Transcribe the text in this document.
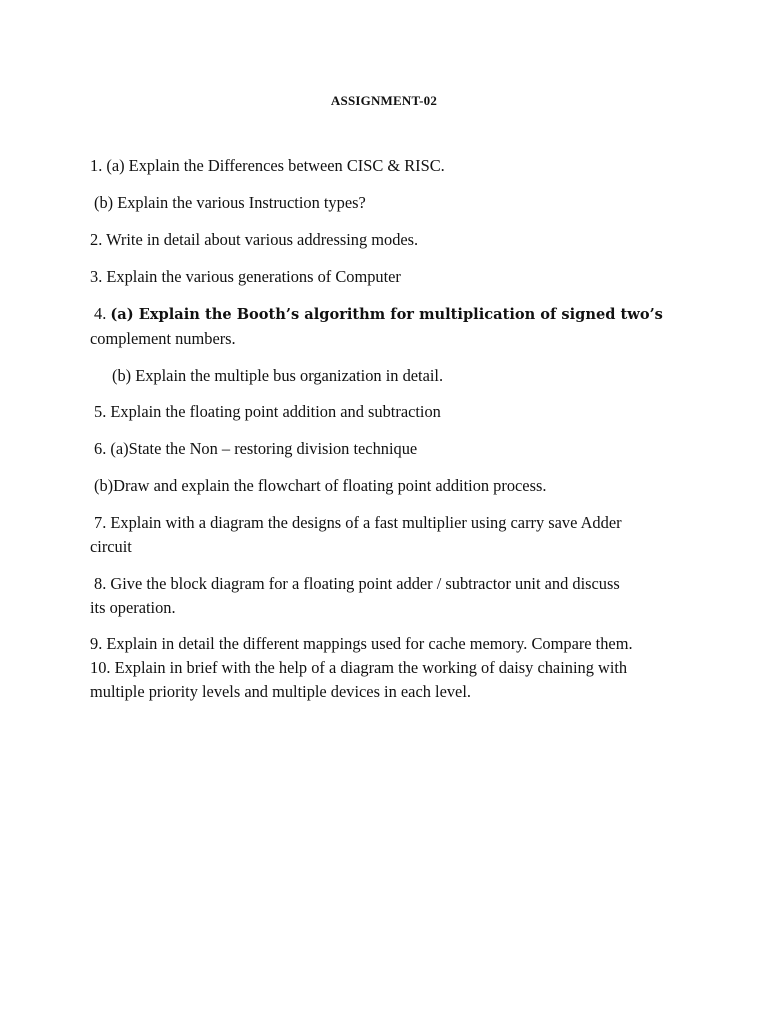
ASSIGNMENT-02
1. (a) Explain the Differences between CISC & RISC.
(b) Explain the various Instruction types?
2. Write in detail about various addressing modes.
3. Explain the various generations of Computer
4. (a) Explain the Booth’s algorithm for multiplication of signed two’s
complement numbers.
(b) Explain the multiple bus organization in detail.
5. Explain the floating point addition and subtraction
6. (a)State the Non – restoring division technique
(b)Draw and explain the flowchart of floating point addition process.
7. Explain with a diagram the designs of a fast multiplier using carry save Adder
circuit
8. Give the block diagram for a floating point adder / subtractor unit and discuss
its operation.
9. Explain in detail the different mappings used for cache memory. Compare them.
10. Explain in brief with the help of a diagram the working of daisy chaining with
multiple priority levels and multiple devices in each level.
